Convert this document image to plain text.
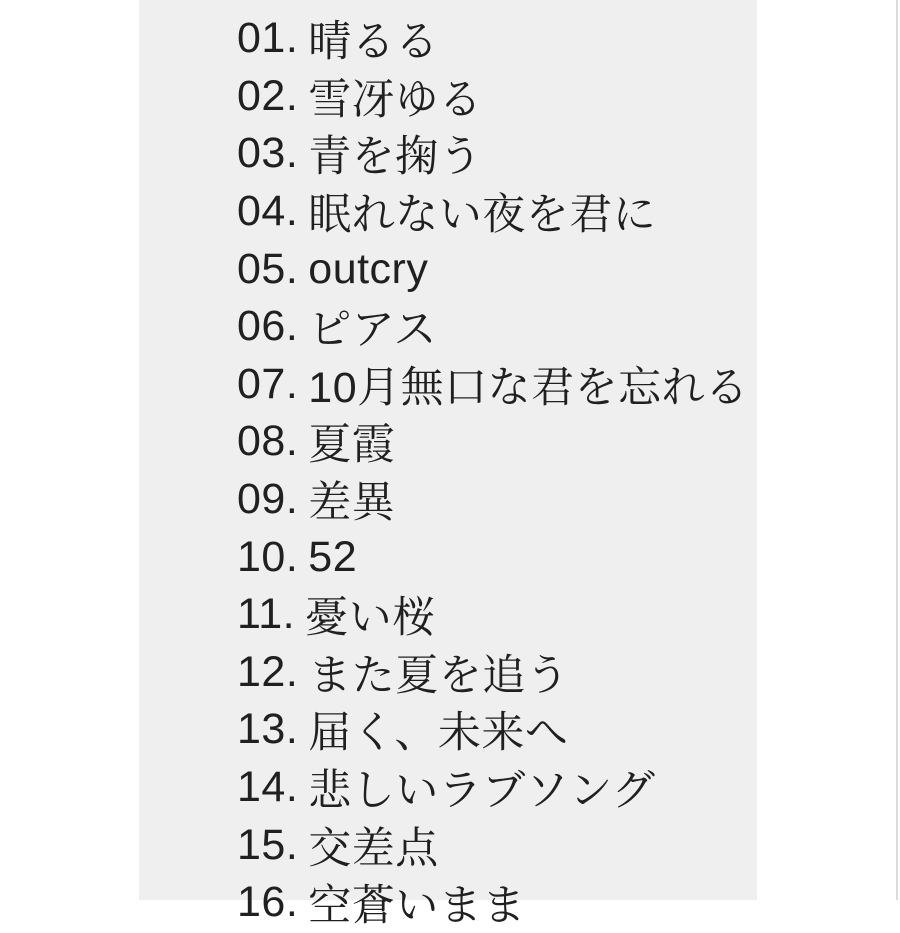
01. 晴るる
02. 雪冴ゆる
03. 青を掬う
04. 眠れない夜を君に
05. outcry
06. ピアス
07. 10月無口な君を忘れる
08. 夏霞
09. 差異
10. 52
11. 憂い桜
12. また夏を追う
13. 届く、未来へ
14. 悲しいラブソング
15. 交差点
16. 空蒼いまま
